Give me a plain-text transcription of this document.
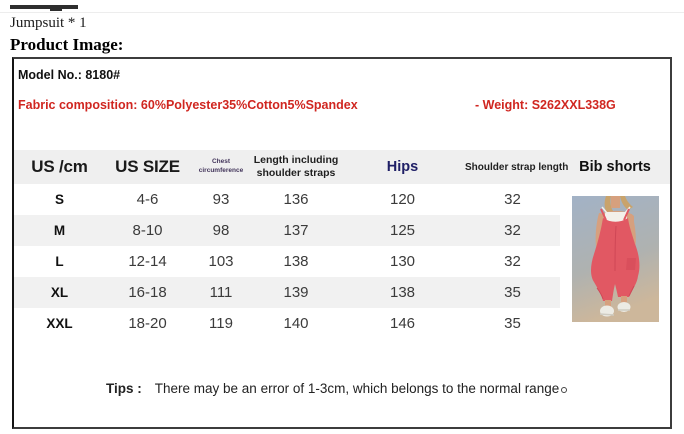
Jumpsuit * 1
Product Image:
Model No.: 8180#
Fabric composition: 60%Polyester35%Cotton5%Spandex	- Weight: S262XXL338G
US /cm	US SIZE	Chest circumference	Length including shoulder straps	Hips	Shoulder strap length	Bib shorts
S	4-6	93	136	120	32	
M	8-10	98	137	125	32	
L	12-14	103	138	130	32	
XL	16-18	111	139	138	35	
XXL	18-20	119	140	146	35	
Tips : There may be an error of 1-3cm, which belongs to the normal range
